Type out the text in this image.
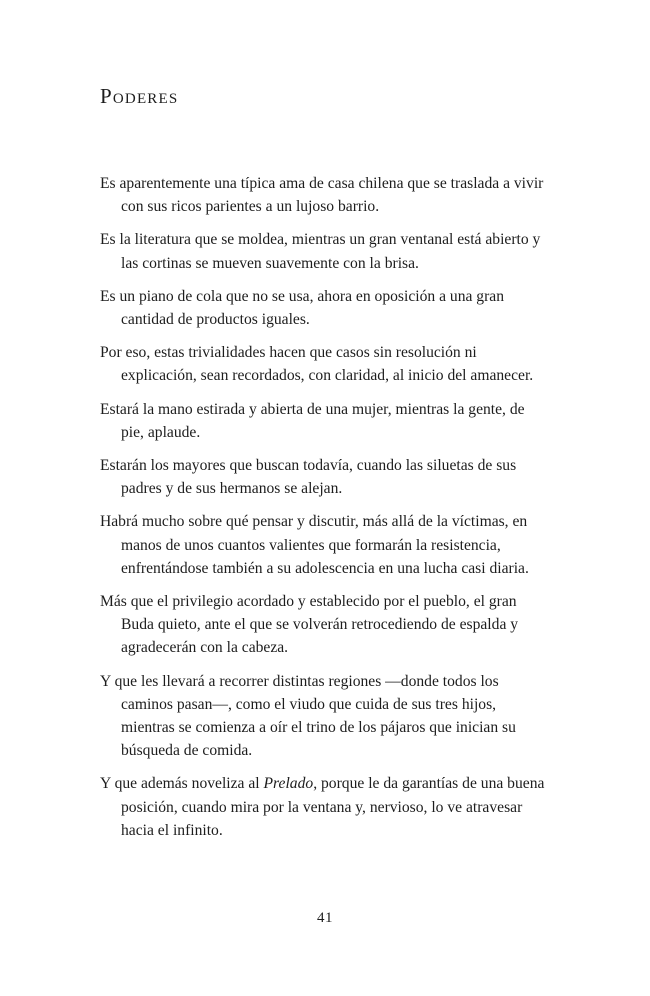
Poderes

Es aparentemente una típica ama de casa chilena que se traslada a vivir con sus ricos parientes a un lujoso barrio.

Es la literatura que se moldea, mientras un gran ventanal está abierto y las cortinas se mueven suavemente con la brisa.

Es un piano de cola que no se usa, ahora en oposición a una gran cantidad de productos iguales.

Por eso, estas trivialidades hacen que casos sin resolución ni explicación, sean recordados, con claridad, al inicio del amanecer.

Estará la mano estirada y abierta de una mujer, mientras la gente, de pie, aplaude.

Estarán los mayores que buscan todavía, cuando las siluetas de sus padres y de sus hermanos se alejan.

Habrá mucho sobre qué pensar y discutir, más allá de la víctimas, en manos de unos cuantos valientes que formarán la resistencia, enfrentándose también a su adolescencia en una lucha casi diaria.

Más que el privilegio acordado y establecido por el pueblo, el gran Buda quieto, ante el que se volverán retrocediendo de espalda y agradecerán con la cabeza.

Y que les llevará a recorrer distintas regiones —donde todos los caminos pasan—, como el viudo que cuida de sus tres hijos, mientras se comienza a oír el trino de los pájaros que inician su búsqueda de comida.

Y que además noveliza al Prelado, porque le da garantías de una buena posición, cuando mira por la ventana y, nervioso, lo ve atravesar hacia el infinito.

41
